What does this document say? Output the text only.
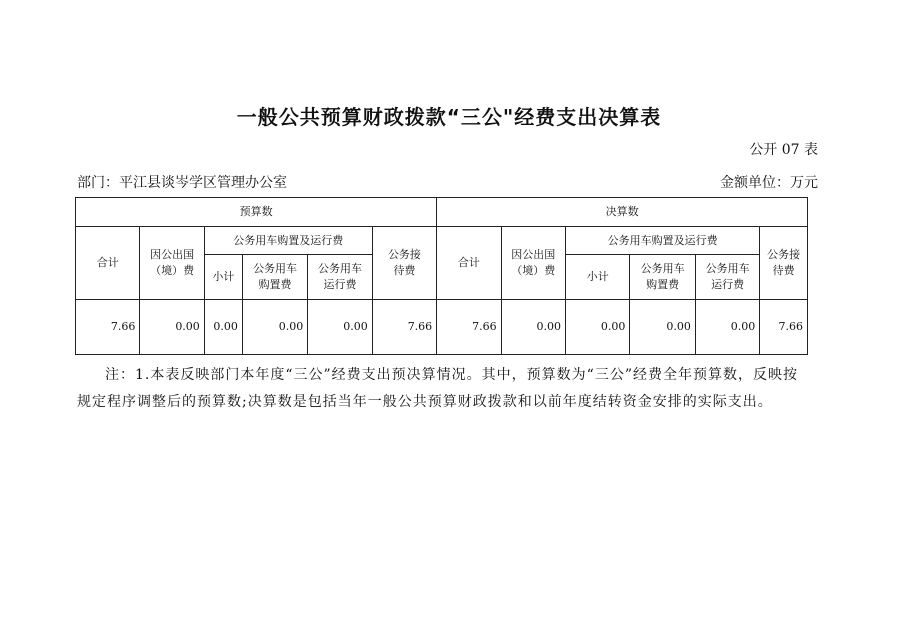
一般公共预算财政拨款“三公"经费支出决算表
公开 07 表
部门：平江县谈岑学区管理办公室	金额单位：万元
预算数						决算数					
合计	因公出国（境）费	公务用车购置及运行费			公务接待费	合计	因公出国（境）费	公务用车购置及运行费			公务接待费
		小计	公务用车购置费	公务用车运行费				小计	公务用车购置费	公务用车运行费	
7.66	0.00	0.00	0.00	0.00	7.66	7.66	0.00	0.00	0.00	0.00	7.66
注：1.本表反映部门本年度“三公”经费支出预决算情况。其中，预算数为“三公”经费全年预算数，反映按规定程序调整后的预算数;决算数是包括当年一般公共预算财政拨款和以前年度结转资金安排的实际支出。
